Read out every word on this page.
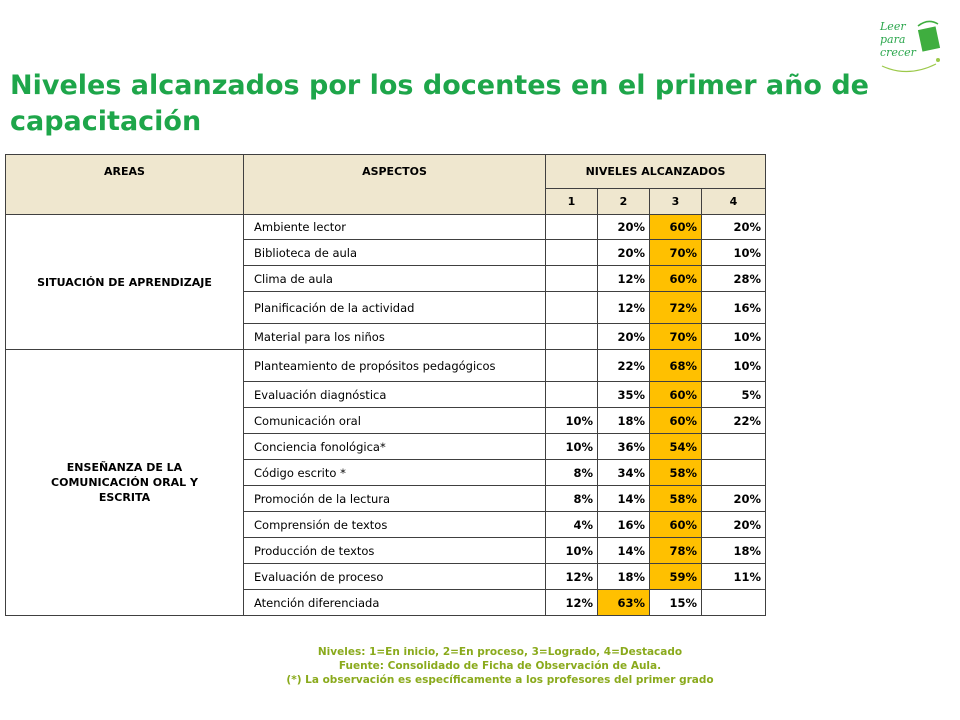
Leer
para
crecer
Niveles alcanzados por los docentes en el primer año de capacitación
AREAS	ASPECTOS	NIVELES ALCANZADOS			
		1	2	3	4
SITUACIÓN DE APRENDIZAJE	Ambiente lector		20%	60%	20%
	Biblioteca de aula		20%	70%	10%
	Clima de aula		12%	60%	28%
	Planificación de la actividad		12%	72%	16%
	Material para los niños		20%	70%	10%
ENSEÑANZA DE LA COMUNICACIÓN ORAL Y ESCRITA	Planteamiento de propósitos pedagógicos		22%	68%	10%
	Evaluación diagnóstica		35%	60%	5%
	Comunicación oral	10%	18%	60%	22%
	Conciencia fonológica*	10%	36%	54%	
	Código escrito *	8%	34%	58%	
	Promoción de la lectura	8%	14%	58%	20%
	Comprensión de textos	4%	16%	60%	20%
	Producción de textos	10%	14%	78%	18%
	Evaluación de proceso	12%	18%	59%	11%
	Atención diferenciada	12%	63%	15%	
Niveles: 1=En inicio, 2=En proceso, 3=Logrado, 4=Destacado
Fuente: Consolidado de Ficha de Observación de Aula.
(*) La observación es específicamente a los profesores del primer grado
